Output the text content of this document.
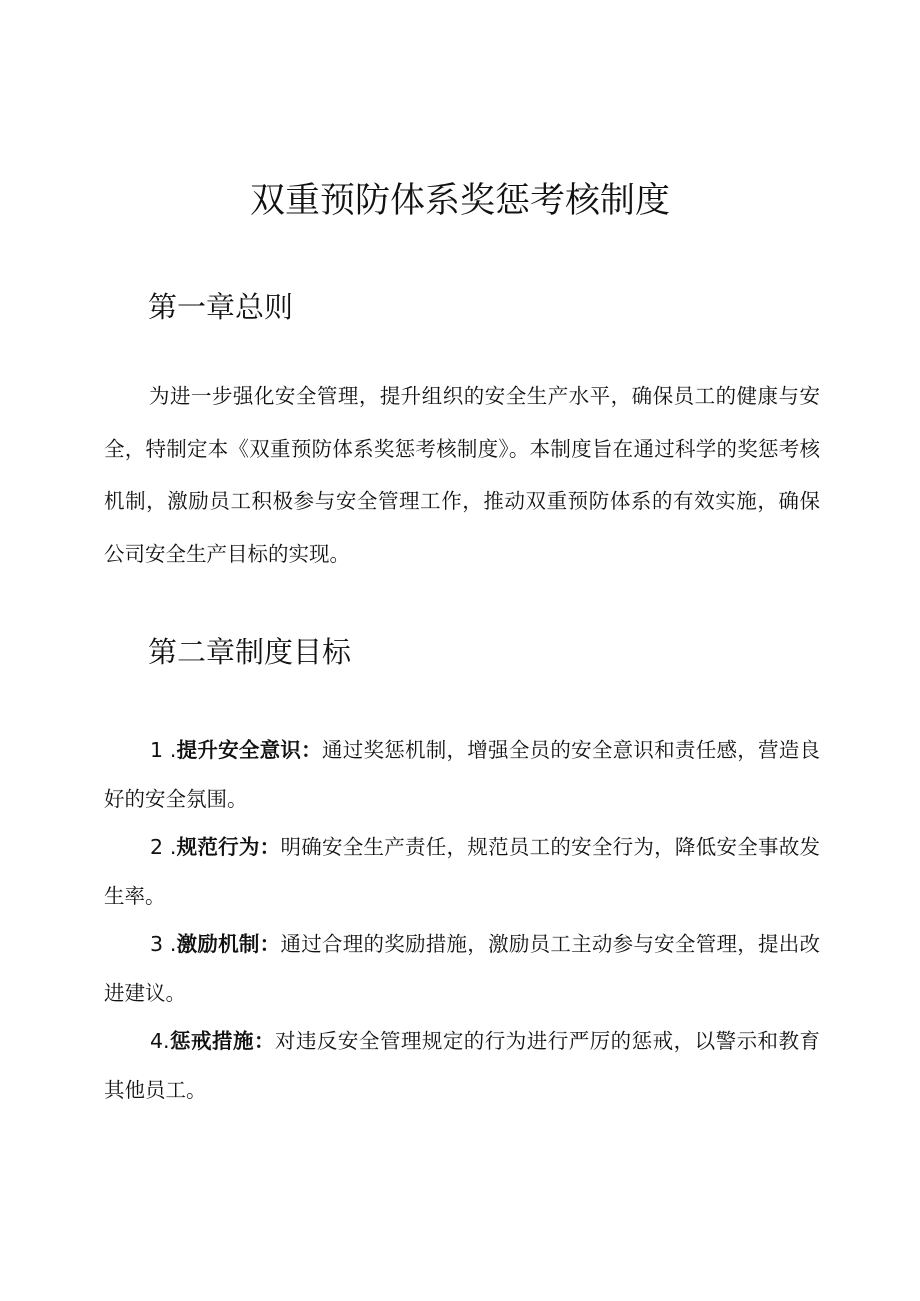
双重预防体系奖惩考核制度
第一章总则

为进一步强化安全管理，提升组织的安全生产水平，确保员工的健康与安全，特制定本《双重预防体系奖惩考核制度》。本制度旨在通过科学的奖惩考核机制，激励员工积极参与安全管理工作，推动双重预防体系的有效实施，确保公司安全生产目标的实现。

第二章制度目标

1 .提升安全意识：通过奖惩机制，增强全员的安全意识和责任感，营造良好的安全氛围。

2 .规范行为：明确安全生产责任，规范员工的安全行为，降低安全事故发生率。

3 .激励机制：通过合理的奖励措施，激励员工主动参与安全管理，提出改进建议。

4.惩戒措施：对违反安全管理规定的行为进行严厉的惩戒，以警示和教育其他员工。
